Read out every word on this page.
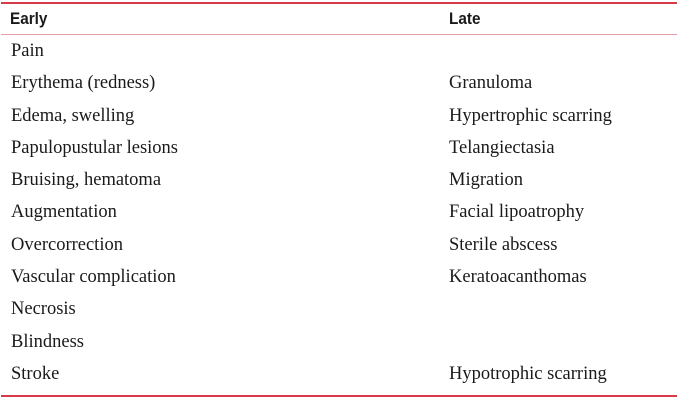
Early	Late
Pain
Erythema (redness)	Granuloma
Edema, swelling	Hypertrophic scarring
Papulopustular lesions	Telangiectasia
Bruising, hematoma	Migration
Augmentation	Facial lipoatrophy
Overcorrection	Sterile abscess
Vascular complication	Keratoacanthomas
Necrosis
Blindness
Stroke	Hypotrophic scarring
